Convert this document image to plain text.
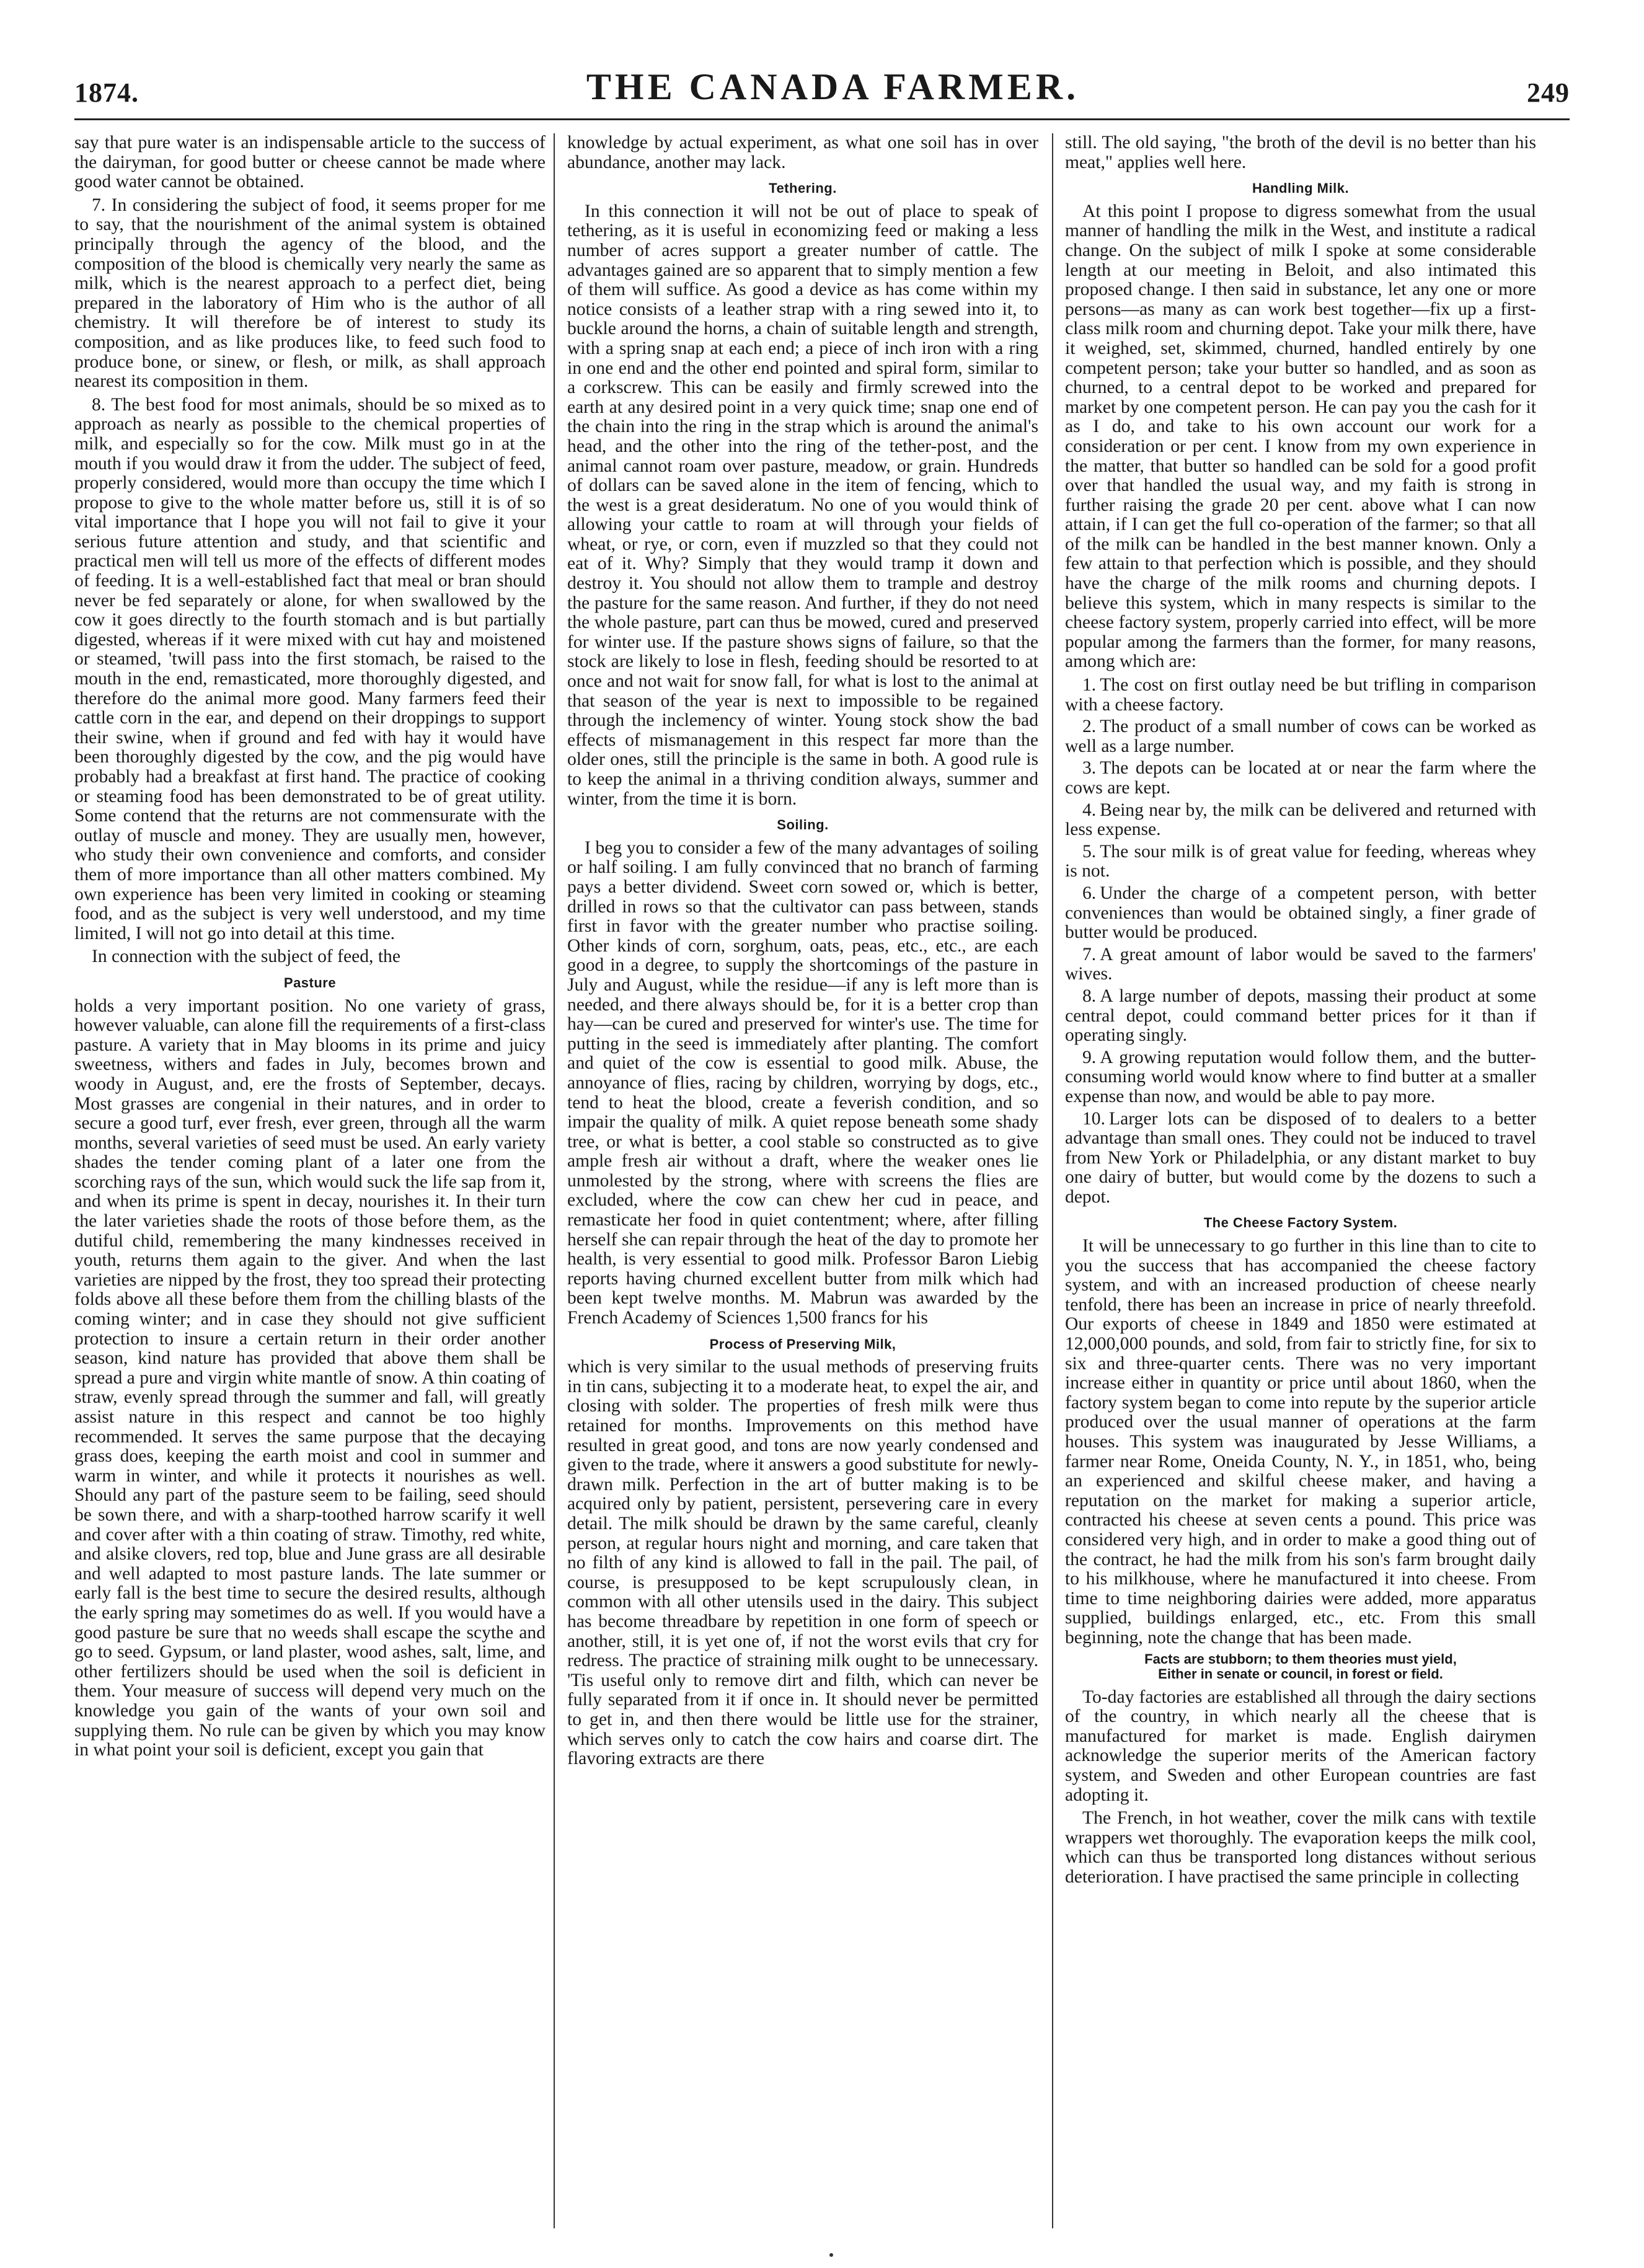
1874.	THE CANADA FARMER.	249

say that pure water is an indispensable article to the success of the dairyman, for good butter or cheese cannot be made where good water cannot be obtained.

7. In considering the subject of food, it seems proper for me to say, that the nourishment of the animal system is obtained principally through the agency of the blood, and the composition of the blood is chemically very nearly the same as milk, which is the nearest approach to a perfect diet, being prepared in the laboratory of Him who is the author of all chemistry. It will therefore be of interest to study its composition, and as like produces like, to feed such food to produce bone, or sinew, or flesh, or milk, as shall approach nearest its composition in them.

8. The best food for most animals, should be so mixed as to approach as nearly as possible to the chemical properties of milk, and especially so for the cow. Milk must go in at the mouth if you would draw it from the udder. The subject of feed, properly considered, would more than occupy the time which I propose to give to the whole matter before us, still it is of so vital importance that I hope you will not fail to give it your serious future attention and study, and that scientific and practical men will tell us more of the effects of different modes of feeding. It is a well-established fact that meal or bran should never be fed separately or alone, for when swallowed by the cow it goes directly to the fourth stomach and is but partially digested, whereas if it were mixed with cut hay and moistened or steamed, 'twill pass into the first stomach, be raised to the mouth in the end, remasticated, more thoroughly digested, and therefore do the animal more good. Many farmers feed their cattle corn in the ear, and depend on their droppings to support their swine, when if ground and fed with hay it would have been thoroughly digested by the cow, and the pig would have probably had a breakfast at first hand. The practice of cooking or steaming food has been demonstrated to be of great utility. Some contend that the returns are not commensurate with the outlay of muscle and money. They are usually men, however, who study their own convenience and comforts, and consider them of more importance than all other matters combined. My own experience has been very limited in cooking or steaming food, and as the subject is very well understood, and my time limited, I will not go into detail at this time.

In connection with the subject of feed, the

Pasture

holds a very important position. No one variety of grass, however valuable, can alone fill the requirements of a first-class pasture. A variety that in May blooms in its prime and juicy sweetness, withers and fades in July, becomes brown and woody in August, and, ere the frosts of September, decays. Most grasses are congenial in their natures, and in order to secure a good turf, ever fresh, ever green, through all the warm months, several varieties of seed must be used. An early variety shades the tender coming plant of a later one from the scorching rays of the sun, which would suck the life sap from it, and when its prime is spent in decay, nourishes it. In their turn the later varieties shade the roots of those before them, as the dutiful child, remembering the many kindnesses received in youth, returns them again to the giver. And when the last varieties are nipped by the frost, they too spread their protecting folds above all these before them from the chilling blasts of the coming winter; and in case they should not give sufficient protection to insure a certain return in their order another season, kind nature has provided that above them shall be spread a pure and virgin white mantle of snow. A thin coating of straw, evenly spread through the summer and fall, will greatly assist nature in this respect and cannot be too highly recommended. It serves the same purpose that the decaying grass does, keeping the earth moist and cool in summer and warm in winter, and while it protects it nourishes as well. Should any part of the pasture seem to be failing, seed should be sown there, and with a sharp-toothed harrow scarify it well and cover after with a thin coating of straw. Timothy, red white, and alsike clovers, red top, blue and June grass are all desirable and well adapted to most pasture lands. The late summer or early fall is the best time to secure the desired results, although the early spring may sometimes do as well. If you would have a good pasture be sure that no weeds shall escape the scythe and go to seed. Gypsum, or land plaster, wood ashes, salt, lime, and other fertilizers should be used when the soil is deficient in them. Your measure of success will depend very much on the knowledge you gain of the wants of your own soil and supplying them. No rule can be given by which you may know in what point your soil is deficient, except you gain that

knowledge by actual experiment, as what one soil has in over abundance, another may lack.

Tethering.

In this connection it will not be out of place to speak of tethering, as it is useful in economizing feed or making a less number of acres support a greater number of cattle. The advantages gained are so apparent that to simply mention a few of them will suffice. As good a device as has come within my notice consists of a leather strap with a ring sewed into it, to buckle around the horns, a chain of suitable length and strength, with a spring snap at each end; a piece of inch iron with a ring in one end and the other end pointed and spiral form, similar to a corkscrew. This can be easily and firmly screwed into the earth at any desired point in a very quick time; snap one end of the chain into the ring in the strap which is around the animal's head, and the other into the ring of the tether-post, and the animal cannot roam over pasture, meadow, or grain. Hundreds of dollars can be saved alone in the item of fencing, which to the west is a great desideratum. No one of you would think of allowing your cattle to roam at will through your fields of wheat, or rye, or corn, even if muzzled so that they could not eat of it. Why? Simply that they would tramp it down and destroy it. You should not allow them to trample and destroy the pasture for the same reason. And further, if they do not need the whole pasture, part can thus be mowed, cured and preserved for winter use. If the pasture shows signs of failure, so that the stock are likely to lose in flesh, feeding should be resorted to at once and not wait for snow fall, for what is lost to the animal at that season of the year is next to impossible to be regained through the inclemency of winter. Young stock show the bad effects of mismanagement in this respect far more than the older ones, still the principle is the same in both. A good rule is to keep the animal in a thriving condition always, summer and winter, from the time it is born.

Soiling.

I beg you to consider a few of the many advantages of soiling or half soiling. I am fully convinced that no branch of farming pays a better dividend. Sweet corn sowed or, which is better, drilled in rows so that the cultivator can pass between, stands first in favor with the greater number who practise soiling. Other kinds of corn, sorghum, oats, peas, etc., etc., are each good in a degree, to supply the shortcomings of the pasture in July and August, while the residue—if any is left more than is needed, and there always should be, for it is a better crop than hay—can be cured and preserved for winter's use. The time for putting in the seed is immediately after planting. The comfort and quiet of the cow is essential to good milk. Abuse, the annoyance of flies, racing by children, worrying by dogs, etc., tend to heat the blood, create a feverish condition, and so impair the quality of milk. A quiet repose beneath some shady tree, or what is better, a cool stable so constructed as to give ample fresh air without a draft, where the weaker ones lie unmolested by the strong, where with screens the flies are excluded, where the cow can chew her cud in peace, and remasticate her food in quiet contentment; where, after filling herself she can repair through the heat of the day to promote her health, is very essential to good milk. Professor Baron Liebig reports having churned excellent butter from milk which had been kept twelve months. M. Mabrun was awarded by the French Academy of Sciences 1,500 francs for his

Process of Preserving Milk,

which is very similar to the usual methods of preserving fruits in tin cans, subjecting it to a moderate heat, to expel the air, and closing with solder. The properties of fresh milk were thus retained for months. Improvements on this method have resulted in great good, and tons are now yearly condensed and given to the trade, where it answers a good substitute for newly-drawn milk. Perfection in the art of butter making is to be acquired only by patient, persistent, persevering care in every detail. The milk should be drawn by the same careful, cleanly person, at regular hours night and morning, and care taken that no filth of any kind is allowed to fall in the pail. The pail, of course, is presupposed to be kept scrupulously clean, in common with all other utensils used in the dairy. This subject has become threadbare by repetition in one form of speech or another, still, it is yet one of, if not the worst evils that cry for redress. The practice of straining milk ought to be unnecessary. 'Tis useful only to remove dirt and filth, which can never be fully separated from it if once in. It should never be permitted to get in, and then there would be little use for the strainer, which serves only to catch the cow hairs and coarse dirt. The flavoring extracts are there

still. The old saying, "the broth of the devil is no better than his meat," applies well here.

Handling Milk.

At this point I propose to digress somewhat from the usual manner of handling the milk in the West, and institute a radical change. On the subject of milk I spoke at some considerable length at our meeting in Beloit, and also intimated this proposed change. I then said in substance, let any one or more persons—as many as can work best together—fix up a first-class milk room and churning depot. Take your milk there, have it weighed, set, skimmed, churned, handled entirely by one competent person; take your butter so handled, and as soon as churned, to a central depot to be worked and prepared for market by one competent person. He can pay you the cash for it as I do, and take to his own account our work for a consideration or per cent. I know from my own experience in the matter, that butter so handled can be sold for a good profit over that handled the usual way, and my faith is strong in further raising the grade 20 per cent. above what I can now attain, if I can get the full co-operation of the farmer; so that all of the milk can be handled in the best manner known. Only a few attain to that perfection which is possible, and they should have the charge of the milk rooms and churning depots. I believe this system, which in many respects is similar to the cheese factory system, properly carried into effect, will be more popular among the farmers than the former, for many reasons, among which are:

1. The cost on first outlay need be but trifling in comparison with a cheese factory.
2. The product of a small number of cows can be worked as well as a large number.
3. The depots can be located at or near the farm where the cows are kept.
4. Being near by, the milk can be delivered and returned with less expense.
5. The sour milk is of great value for feeding, whereas whey is not.
6. Under the charge of a competent person, with better conveniences than would be obtained singly, a finer grade of butter would be produced.
7. A great amount of labor would be saved to the farmers' wives.
8. A large number of depots, massing their product at some central depot, could command better prices for it than if operating singly.
9. A growing reputation would follow them, and the butter-consuming world would know where to find butter at a smaller expense than now, and would be able to pay more.
10. Larger lots can be disposed of to dealers to a better advantage than small ones. They could not be induced to travel from New York or Philadelphia, or any distant market to buy one dairy of butter, but would come by the dozens to such a depot.
The Cheese Factory System.

It will be unnecessary to go further in this line than to cite to you the success that has accompanied the cheese factory system, and with an increased production of cheese nearly tenfold, there has been an increase in price of nearly threefold. Our exports of cheese in 1849 and 1850 were estimated at 12,000,000 pounds, and sold, from fair to strictly fine, for six to six and three-quarter cents. There was no very important increase either in quantity or price until about 1860, when the factory system began to come into repute by the superior article produced over the usual manner of operations at the farm houses. This system was inaugurated by Jesse Williams, a farmer near Rome, Oneida County, N. Y., in 1851, who, being an experienced and skilful cheese maker, and having a reputation on the market for making a superior article, contracted his cheese at seven cents a pound. This price was considered very high, and in order to make a good thing out of the contract, he had the milk from his son's farm brought daily to his milkhouse, where he manufactured it into cheese. From time to time neighboring dairies were added, more apparatus supplied, buildings enlarged, etc., etc. From this small beginning, note the change that has been made.

Facts are stubborn; to them theories must yield,
Either in senate or council, in forest or field.

To-day factories are established all through the dairy sections of the country, in which nearly all the cheese that is manufactured for market is made. English dairymen acknowledge the superior merits of the American factory system, and Sweden and other European countries are fast adopting it.

The French, in hot weather, cover the milk cans with textile wrappers wet thoroughly. The evaporation keeps the milk cool, which can thus be transported long distances without serious deterioration. I have practised the same principle in collecting
